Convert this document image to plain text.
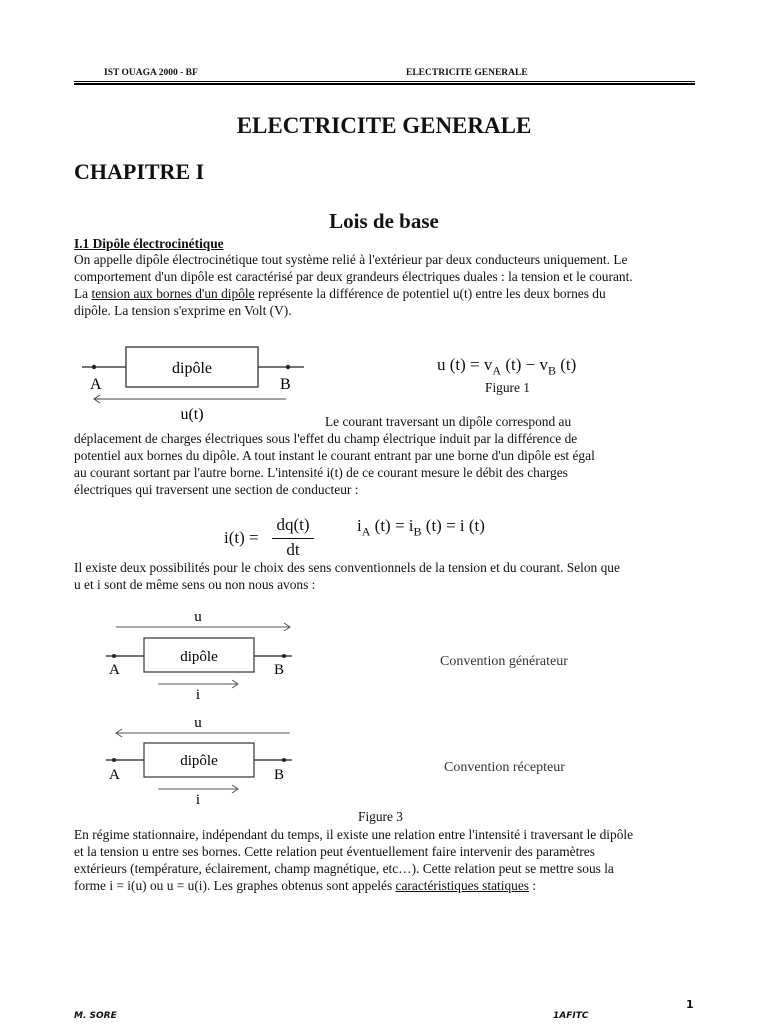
IST OUAGA 2000 - BF	ELECTRICITE GENERALE
ELECTRICITE GENERALE
CHAPITRE I
Lois de base
I.1 Dipôle électrocinétique
On appelle dipôle électrocinétique tout système relié à l'extérieur par deux conducteurs uniquement. Le
comportement d'un dipôle est caractérisé par deux grandeurs électriques duales : la tension et le courant.
La tension aux bornes d'un dipôle représente la différence de potentiel u(t) entre les deux bornes du
dipôle. La tension s'exprime en Volt (V).
dipôle
A	B
u(t)
u $(t) = v_A$ $(t) - v_B$ (t)
Figure 1
Le courant traversant un dipôle correspond au
déplacement de charges électriques sous l'effet du champ électrique induit par la différence de
potentiel aux bornes du dipôle. A tout instant le courant entrant par une borne d'un dipôle est égal
au courant sortant par l'autre borne. L'intensité i(t) de ce courant mesure le débit des charges
électriques qui traversent une section de conducteur :
i(t) =
dq(t)
dt
$i_A$ $(t) = i_B$ (t) = i (t)
Il existe deux possibilités pour le choix des sens conventionnels de la tension et du courant. Selon que
u et i sont de même sens ou non nous avons :
u
dipôle
A	B
i
u
dipôle
A	B
i
Convention générateur
Convention récepteur
Figure 3
En régime stationnaire, indépendant du temps, il existe une relation entre l'intensité i traversant le dipôle
et la tension u entre ses bornes. Cette relation peut éventuellement faire intervenir des paramètres
extérieurs (température, éclairement, champ magnétique, etc…). Cette relation peut se mettre sous la
forme i = i(u) ou u = u(i). Les graphes obtenus sont appelés caractéristiques statiques :
1
M. SORE	1AFITC
